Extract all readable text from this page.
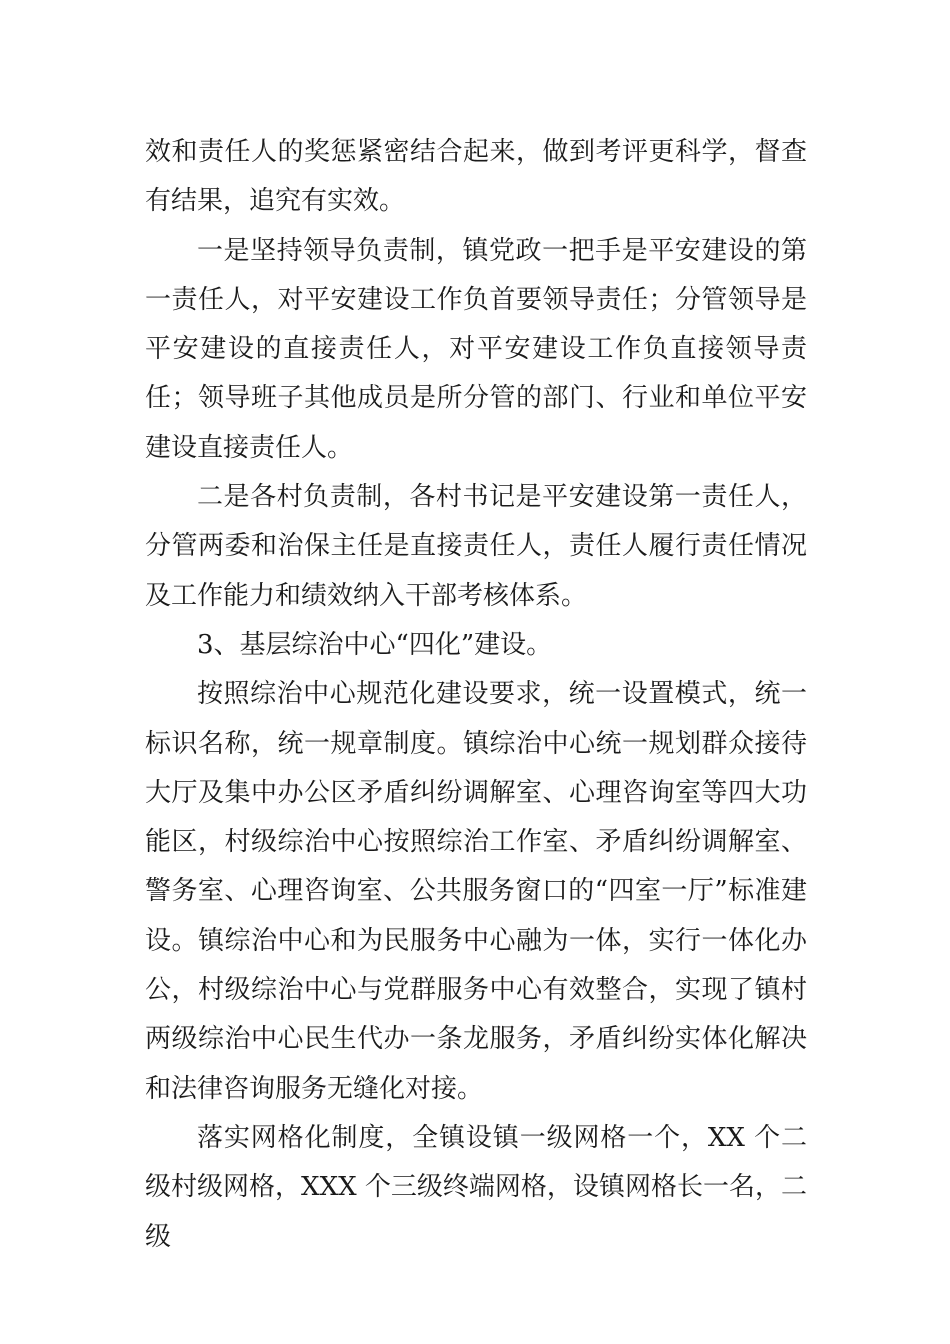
效和责任人的奖惩紧密结合起来，做到考评更科学，督查有结果，追究有实效。

一是坚持领导负责制，镇党政一把手是平安建设的第一责任人，对平安建设工作负首要领导责任；分管领导是平安建设的直接责任人，对平安建设工作负直接领导责任；领导班子其他成员是所分管的部门、行业和单位平安建设直接责任人。

二是各村负责制，各村书记是平安建设第一责任人，分管两委和治保主任是直接责任人，责任人履行责任情况及工作能力和绩效纳入干部考核体系。

3、基层综治中心“四化”建设。

按照综治中心规范化建设要求，统一设置模式，统一标识名称，统一规章制度。镇综治中心统一规划群众接待大厅及集中办公区矛盾纠纷调解室、心理咨询室等四大功能区，村级综治中心按照综治工作室、矛盾纠纷调解室、警务室、心理咨询室、公共服务窗口的“四室一厅”标准建设。镇综治中心和为民服务中心融为一体，实行一体化办公，村级综治中心与党群服务中心有效整合，实现了镇村两级综治中心民生代办一条龙服务，矛盾纠纷实体化解决和法律咨询服务无缝化对接。

落实网格化制度，全镇设镇一级网格一个，XX 个二级村级网格，XXX 个三级终端网格，设镇网格长一名，二级
